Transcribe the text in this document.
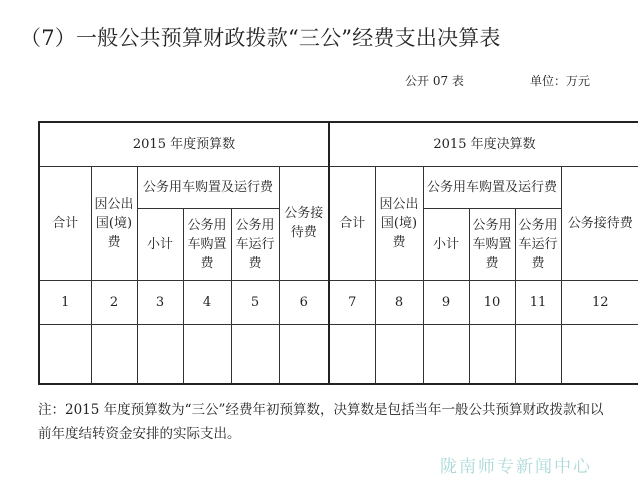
（7）一般公共预算财政拨款“三公”经费支出决算表
公开 07 表	单位：万元
2015 年度预算数						2015 年度决算数					
合计	因公出国(境)费	公务用车购置及运行费			公务接待费	合计	因公出国(境)费	公务用车购置及运行费			公务接待费
		小计	公务用车购置费	公务用车运行费				小计	公务用车购置费	公务用车运行费	
1	2	3	4	5	6	7	8	9	10	11	12

注：2015 年度预算数为“三公”经费年初预算数，决算数是包括当年一般公共预算财政拨款和以前年度结转资金安排的实际支出。
陇南师专新闻中心
